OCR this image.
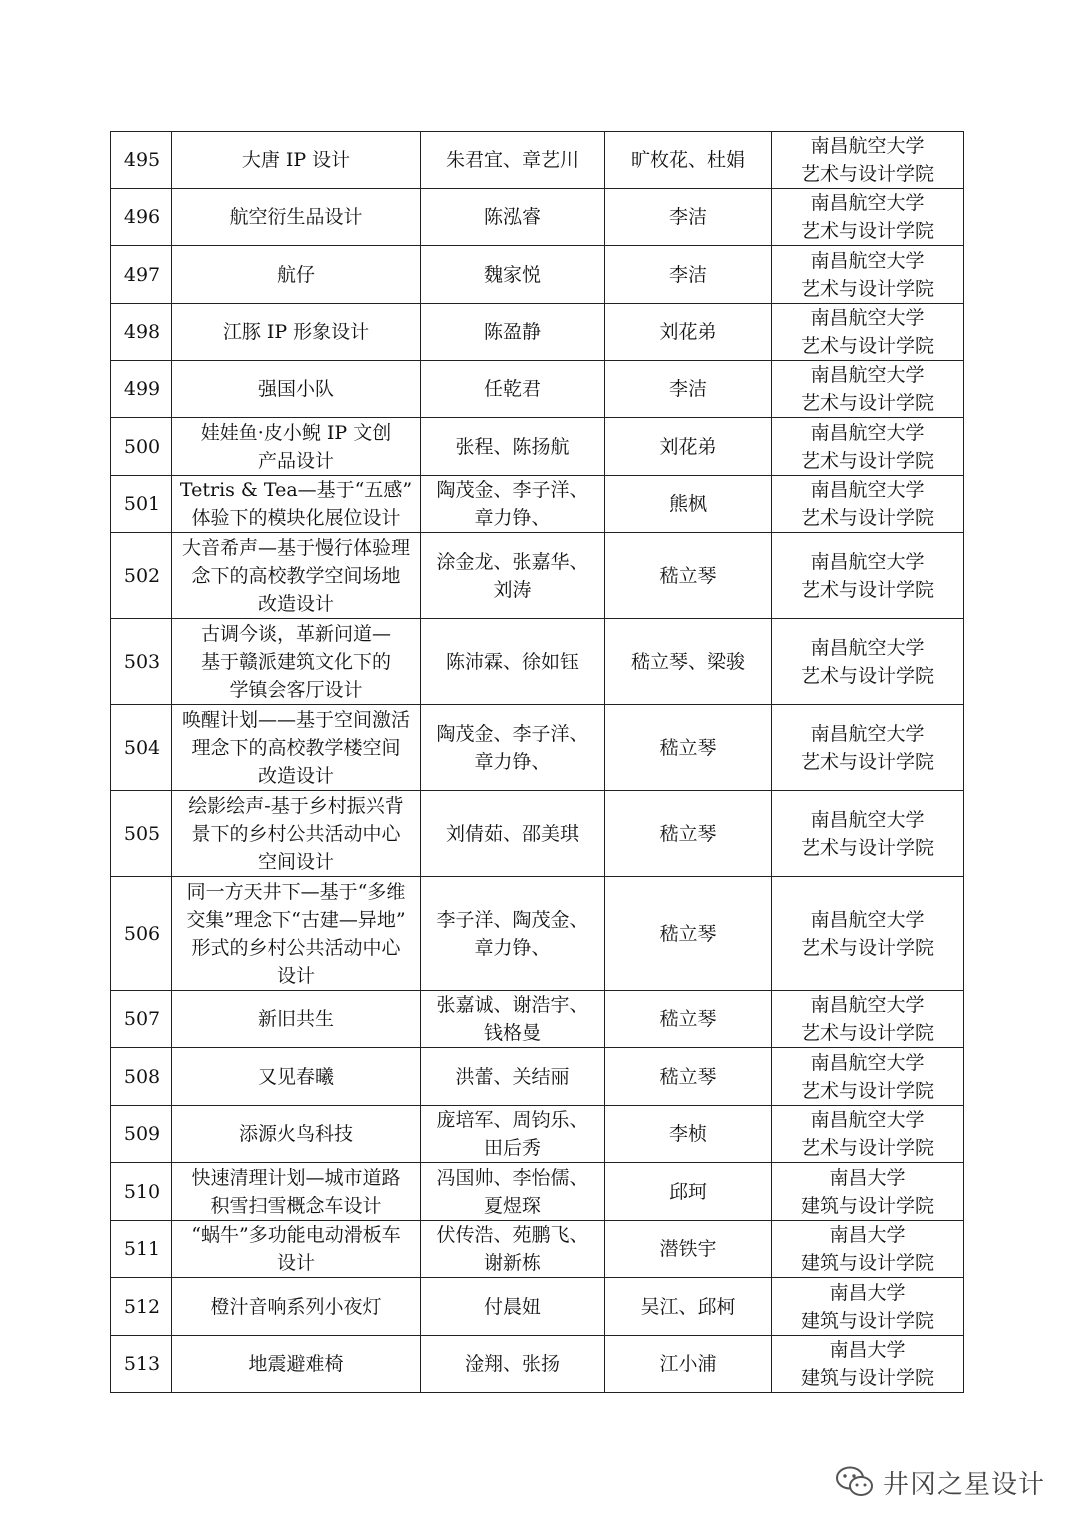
495	大唐 IP 设计	朱君宜、章艺川	旷枚花、杜娟	南昌航空大学
艺术与设计学院

496	航空衍生品设计	陈泓睿	李洁	南昌航空大学
艺术与设计学院

497	航仔	魏家悦	李洁	南昌航空大学
艺术与设计学院

498	江豚 IP 形象设计	陈盈静	刘花弟	南昌航空大学
艺术与设计学院

499	强国小队	任乾君	李洁	南昌航空大学
艺术与设计学院

500	娃娃鱼·皮小鲵 IP 文创
产品设计	张程、陈扬航	刘花弟	南昌航空大学
艺术与设计学院

501	Tetris & Tea—基于“五感”
体验下的模块化展位设计	陶茂金、李子洋、
章力铮、	熊枫	南昌航空大学
艺术与设计学院

502	大音希声—基于慢行体验理
念下的高校教学空间场地
改造设计	涂金龙、张嘉华、
刘涛	嵇立琴	南昌航空大学
艺术与设计学院

503	古调今谈，革新问道—
基于赣派建筑文化下的
学镇会客厅设计	陈沛霖、徐如钰	嵇立琴、梁骏	南昌航空大学
艺术与设计学院

504	唤醒计划——基于空间激活
理念下的高校教学楼空间
改造设计	陶茂金、李子洋、
章力铮、	嵇立琴	南昌航空大学
艺术与设计学院

505	绘影绘声-基于乡村振兴背
景下的乡村公共活动中心
空间设计	刘倩茹、邵美琪	嵇立琴	南昌航空大学
艺术与设计学院

506	同一方天井下—基于“多维
交集”理念下“古建—异地”
形式的乡村公共活动中心
设计	李子洋、陶茂金、
章力铮、	嵇立琴	南昌航空大学
艺术与设计学院

507	新旧共生	张嘉诚、谢浩宇、
钱格曼	嵇立琴	南昌航空大学
艺术与设计学院

508	又见春曦	洪蕾、关结丽	嵇立琴	南昌航空大学
艺术与设计学院

509	添源火鸟科技	庞培军、周钧乐、
田后秀	李桢	南昌航空大学
艺术与设计学院

510	快速清理计划—城市道路
积雪扫雪概念车设计	冯国帅、李怡儒、
夏煜琛	邱珂	南昌大学
建筑与设计学院

511	“蜗牛”多功能电动滑板车
设计	伏传浩、苑鹏飞、
谢新栋	潜铁宇	南昌大学
建筑与设计学院

512	橙汁音响系列小夜灯	付晨妞	吴江、邱柯	南昌大学
建筑与设计学院

513	地震避难椅	淦翔、张扬	江小浦	南昌大学
建筑与设计学院
井冈之星设计
